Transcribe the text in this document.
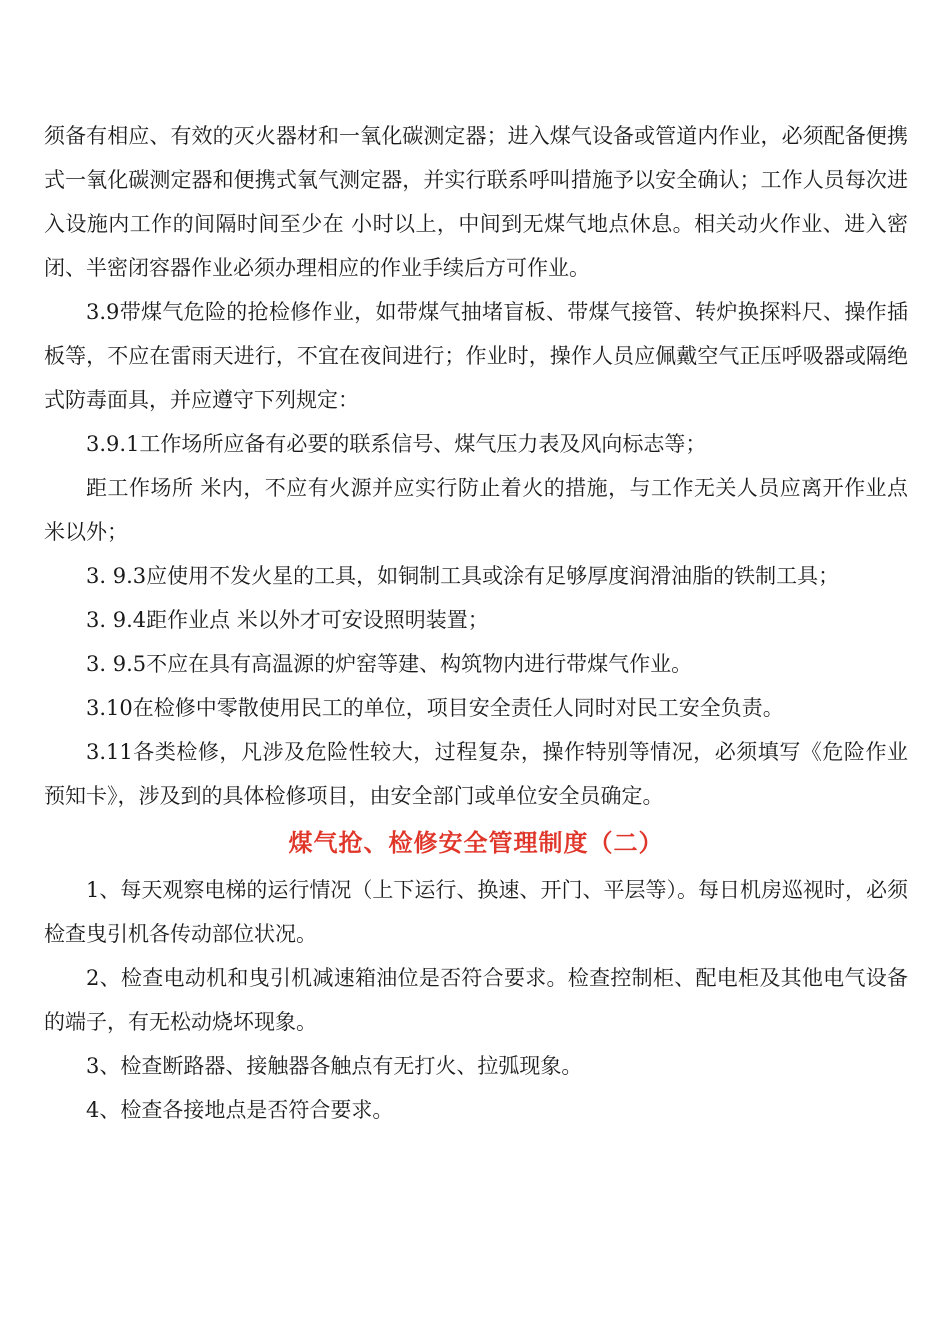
须备有相应、有效的灭火器材和一氧化碳测定器；进入煤气设备或管道内作业，必须配备便携式一氧化碳测定器和便携式氧气测定器，并实行联系呼叫措施予以安全确认；工作人员每次进入设施内工作的间隔时间至少在 小时以上，中间到无煤气地点休息。相关动火作业、进入密闭、半密闭容器作业必须办理相应的作业手续后方可作业。

3.9带煤气危险的抢检修作业，如带煤气抽堵盲板、带煤气接管、转炉换探料尺、操作插板等，不应在雷雨天进行，不宜在夜间进行；作业时，操作人员应佩戴空气正压呼吸器或隔绝式防毒面具，并应遵守下列规定：

3.9.1工作场所应备有必要的联系信号、煤气压力表及风向标志等；

距工作场所 米内，不应有火源并应实行防止着火的措施，与工作无关人员应离开作业点 米以外；

3. 9.3应使用不发火星的工具，如铜制工具或涂有足够厚度润滑油脂的铁制工具；

3. 9.4距作业点 米以外才可安设照明装置；

3. 9.5不应在具有高温源的炉窑等建、构筑物内进行带煤气作业。

3.10在检修中零散使用民工的单位，项目安全责任人同时对民工安全负责。

3.11各类检修，凡涉及危险性较大，过程复杂，操作特别等情况，必须填写《危险作业预知卡》，涉及到的具体检修项目，由安全部门或单位安全员确定。

煤气抢、检修安全管理制度（二）

1、每天观察电梯的运行情况（上下运行、换速、开门、平层等）。每日机房巡视时，必须检查曳引机各传动部位状况。

2、检查电动机和曳引机减速箱油位是否符合要求。检查控制柜、配电柜及其他电气设备的端子，有无松动烧坏现象。

3、检查断路器、接触器各触点有无打火、拉弧现象。

4、检查各接地点是否符合要求。
